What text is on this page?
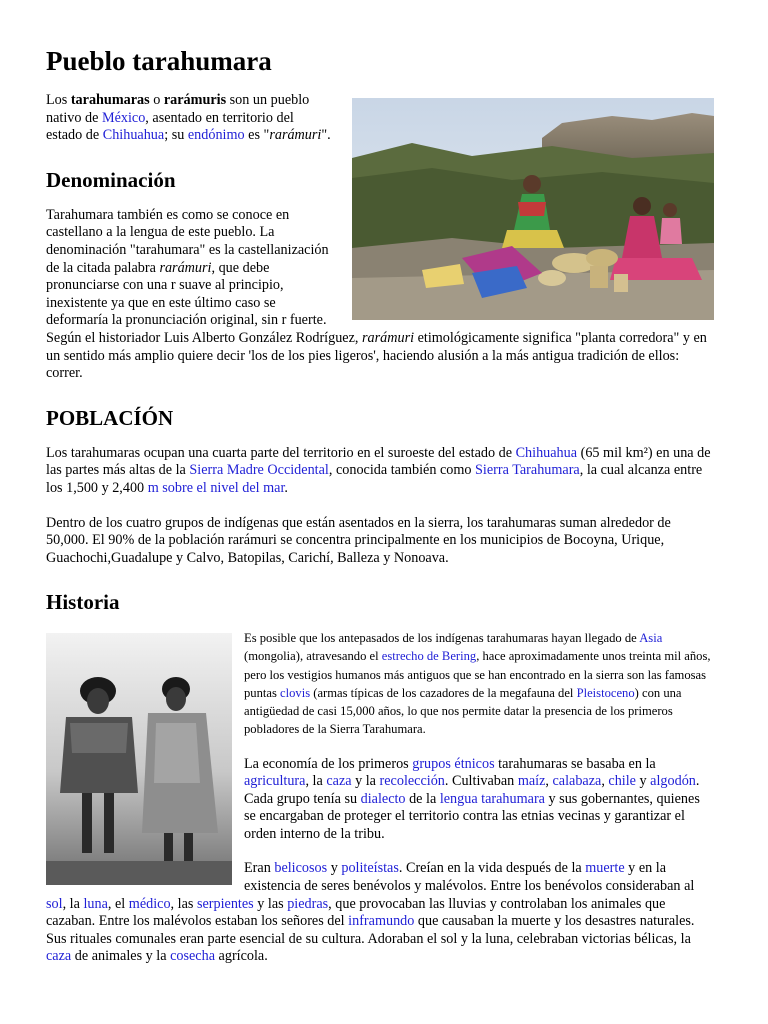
Pueblo tarahumara

Los tarahumaras o rarámuris son un pueblo nativo de México, asentado en territorio del estado de Chihuahua; su endónimo es "rarámuri".

Denominación

Tarahumara también es como se conoce en castellano a la lengua de este pueblo. La denominación "tarahumara" es la castellanización de la citada palabra rarámuri, que debe pronunciarse con una r suave al principio, inexistente ya que en este último caso se deformaría la pronunciación original, sin r fuerte. Según el historiador Luis Alberto González Rodríguez, rarámuri etimológicamente significa "planta corredora" y en un sentido más amplio quiere decir 'los de los pies ligeros', haciendo alusión a la más antigua tradición de ellos: correr.

POBLACÍÓN

Los tarahumaras ocupan una cuarta parte del territorio en el suroeste del estado de Chihuahua (65 mil km²) en una de las partes más altas de la Sierra Madre Occidental, conocida también como Sierra Tarahumara, la cual alcanza entre los 1,500 y 2,400 m sobre el nivel del mar.

Dentro de los cuatro grupos de indígenas que están asentados en la sierra, los tarahumaras suman alrededor de 50,000. El 90% de la población rarámuri se concentra principalmente en los municipios de Bocoyna, Urique, Guachochi,Guadalupe y Calvo, Batopilas, Carichí, Balleza y Nonoava.

Historia

Es posible que los antepasados de los indígenas tarahumaras hayan llegado de Asia (mongolia), atravesando el estrecho de Bering, hace aproximadamente unos treinta mil años, pero los vestigios humanos más antiguos que se han encontrado en la sierra son las famosas puntas clovis (armas típicas de los cazadores de la megafauna del Pleistoceno) con una antigüedad de casi 15,000 años, lo que nos permite datar la presencia de los primeros pobladores de la Sierra Tarahumara.

La economía de los primeros grupos étnicos tarahumaras se basaba en la agricultura, la caza y la recolección. Cultivaban maíz, calabaza, chile y algodón. Cada grupo tenía su dialecto de la lengua tarahumara y sus gobernantes, quienes se encargaban de proteger el territorio contra las etnias vecinas y garantizar el orden interno de la tribu.

Eran belicosos y politeístas. Creían en la vida después de la muerte y en la existencia de seres benévolos y malévolos. Entre los benévolos consideraban al sol, la luna, el médico, las serpientes y las piedras, que provocaban las lluvias y controlaban los animales que cazaban. Entre los malévolos estaban los señores del inframundo que causaban la muerte y los desastres naturales. Sus rituales comunales eran parte esencial de su cultura. Adoraban el sol y la luna, celebraban victorias bélicas, la caza de animales y la cosecha agrícola.
